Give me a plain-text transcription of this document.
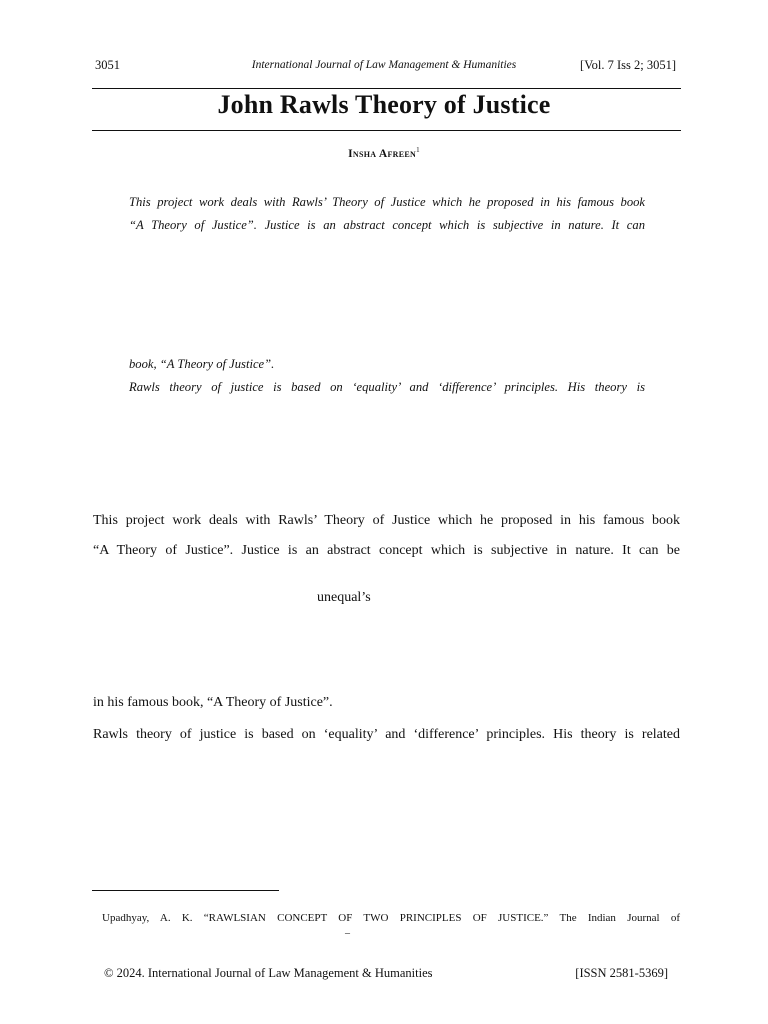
3051	International Journal of Law Management & Humanities	[Vol. 7 Iss 2; 3051]
John Rawls Theory of Justice
Insha Afreen$^1$
This project work deals with Rawls’ Theory of Justice which he proposed in his famous book
“A Theory of Justice”. Justice is an abstract concept which is subjective in nature. It can
book, “A Theory of Justice”.
Rawls theory of justice is based on ‘equality’ and ‘difference’ principles. His theory is
This project work deals with Rawls’ Theory of Justice which he proposed in his famous book
“A Theory of Justice”. Justice is an abstract concept which is subjective in nature. It can be
unequal’s
in his famous book, “A Theory of Justice”.
Rawls theory of justice is based on ‘equality’ and ‘difference’ principles. His theory is related
Upadhyay, A. K. “RAWLSIAN CONCEPT OF TWO PRINCIPLES OF JUSTICE.” The Indian Journal of
–
© 2024. International Journal of Law Management & Humanities	[ISSN 2581-5369]
